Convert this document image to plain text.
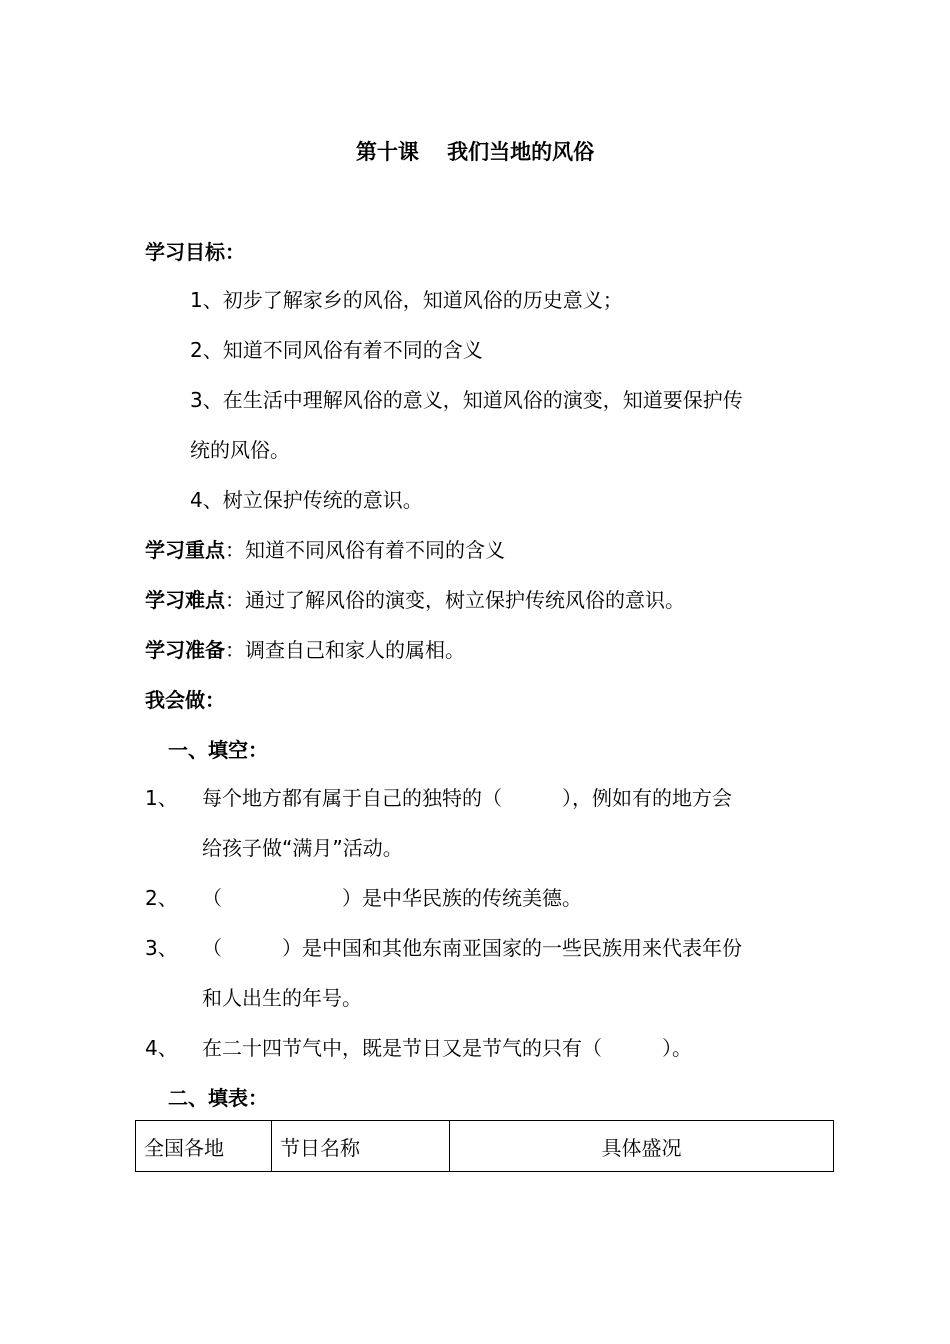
第十课　 我们当地的风俗
学习目标：
1、初步了解家乡的风俗，知道风俗的历史意义；
2、知道不同风俗有着不同的含义
3、在生活中理解风俗的意义，知道风俗的演变，知道要保护传
统的风俗。
4、树立保护传统的意识。
学习重点：知道不同风俗有着不同的含义
学习难点：通过了解风俗的演变，树立保护传统风俗的意识。
学习准备：调查自己和家人的属相。
我会做：
一、填空：
1、 每个地方都有属于自己的独特的（　　　），例如有的地方会
给孩子做“满月”活动。
2、 （　　　　　　）是中华民族的传统美德。
3、 （　　　）是中国和其他东南亚国家的一些民族用来代表年份
和人出生的年号。
4、 在二十四节气中，既是节日又是节气的只有（　　　）。
二、填表：
全国各地	节日名称	具体盛况
